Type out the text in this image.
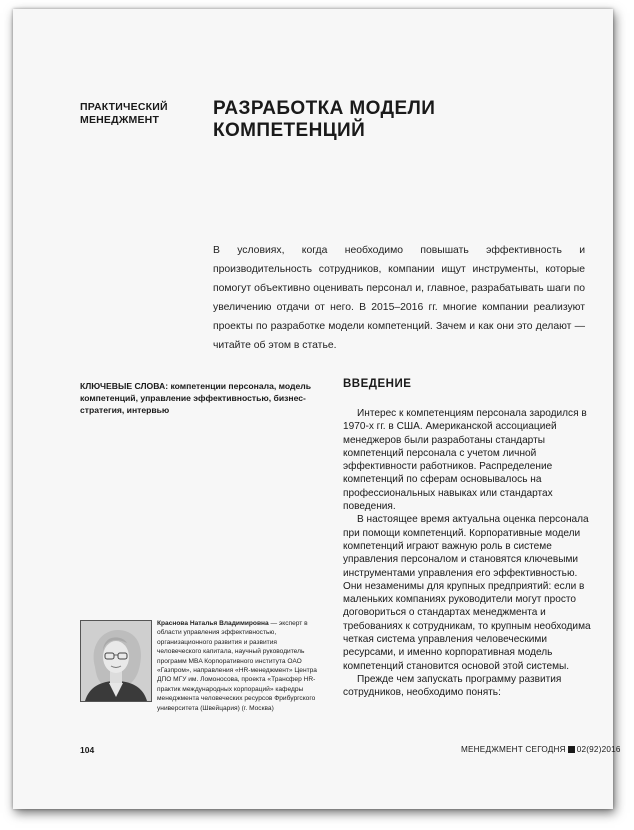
ПРАКТИЧЕСКИЙ
МЕНЕДЖМЕНТ
РАЗРАБОТКА МОДЕЛИ КОМПЕТЕНЦИЙ
В условиях, когда необходимо повышать эффективность и производительность сотрудников, компании ищут инструменты, которые помогут объективно оценивать персонал и, главное, разрабатывать шаги по увеличению отдачи от него. В 2015–2016 гг. многие компании реализуют проекты по разработке модели компетенций. Зачем и как они это делают — читайте об этом в статье.
КЛЮЧЕВЫЕ СЛОВА: компетенции персонала, модель компетенций, управление эффективностью, бизнес-стратегия, интервью
ВВЕДЕНИЕ

Интерес к компетенциям персонала зародился в 1970-х гг. в США. Американской ассоциацией менеджеров были разработаны стандарты компетенций персонала с учетом личной эффективности работников. Распределение компетенций по сферам основывалось на профессиональных навыках или стандартах поведения.

В настоящее время актуальна оценка персонала при помощи компетенций. Корпоративные модели компетенций играют важную роль в системе управления персоналом и становятся ключевыми инструментами управления его эффективностью. Они незаменимы для крупных предприятий: если в маленьких компаниях руководители могут просто договориться о стандартах менеджмента и требованиях к сотрудникам, то крупным необходима четкая система управления человеческими ресурсами, и именно корпоративная модель компетенций становится основой этой системы.

Прежде чем запускать программу развития сотрудников, необходимо понять:

Краснова Наталья Владимировна — эксперт в области управления эффективностью, организационного развития и развития человеческого капитала, научный руководитель программ MBA Корпоративного института ОАО «Газпром», направления «HR-менеджмент» Центра ДПО МГУ им. Ломоносова, проекта «Трансфер HR-практик международных корпораций» кафедры менеджмента человеческих ресурсов Фрибургского университета (Швейцария) (г. Москва)
104	МЕНЕДЖМЕНТ СЕГОДНЯ 02(92)2016
